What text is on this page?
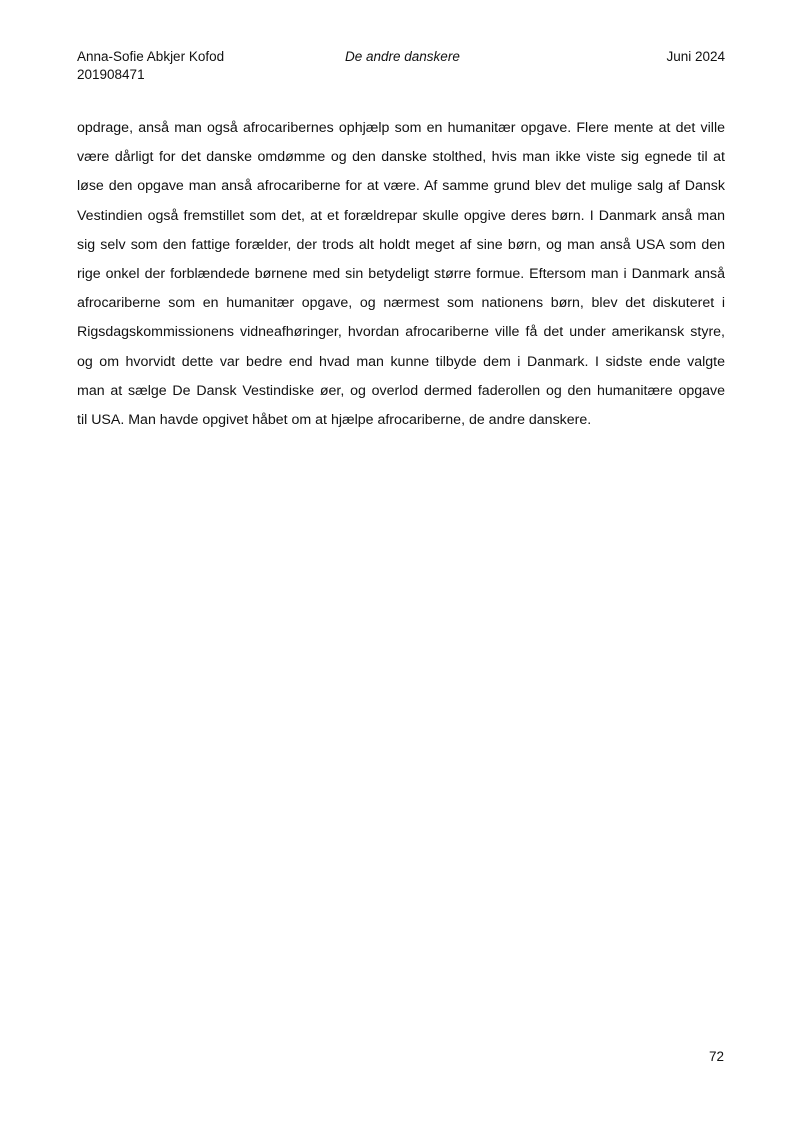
Anna-Sofie Abkjer Kofod
201908471
De andre danskere	Juni 2024
opdrage, anså man også afrocaribernes ophjælp som en humanitær opgave. Flere mente at det ville
være dårligt for det danske omdømme og den danske stolthed, hvis man ikke viste sig egnede til at
løse den opgave man anså afrocariberne for at være. Af samme grund blev det mulige salg af Dansk
Vestindien også fremstillet som det, at et forældrepar skulle opgive deres børn. I Danmark anså man
sig selv som den fattige forælder, der trods alt holdt meget af sine børn, og man anså USA som den
rige onkel der forblændede børnene med sin betydeligt større formue. Eftersom man i Danmark anså
afrocariberne som en humanitær opgave, og nærmest som nationens børn, blev det diskuteret i
Rigsdagskommissionens vidneafhøringer, hvordan afrocariberne ville få det under amerikansk styre,
og om hvorvidt dette var bedre end hvad man kunne tilbyde dem i Danmark. I sidste ende valgte
man at sælge De Dansk Vestindiske øer, og overlod dermed faderollen og den humanitære opgave
til USA. Man havde opgivet håbet om at hjælpe afrocariberne, de andre danskere.
72
